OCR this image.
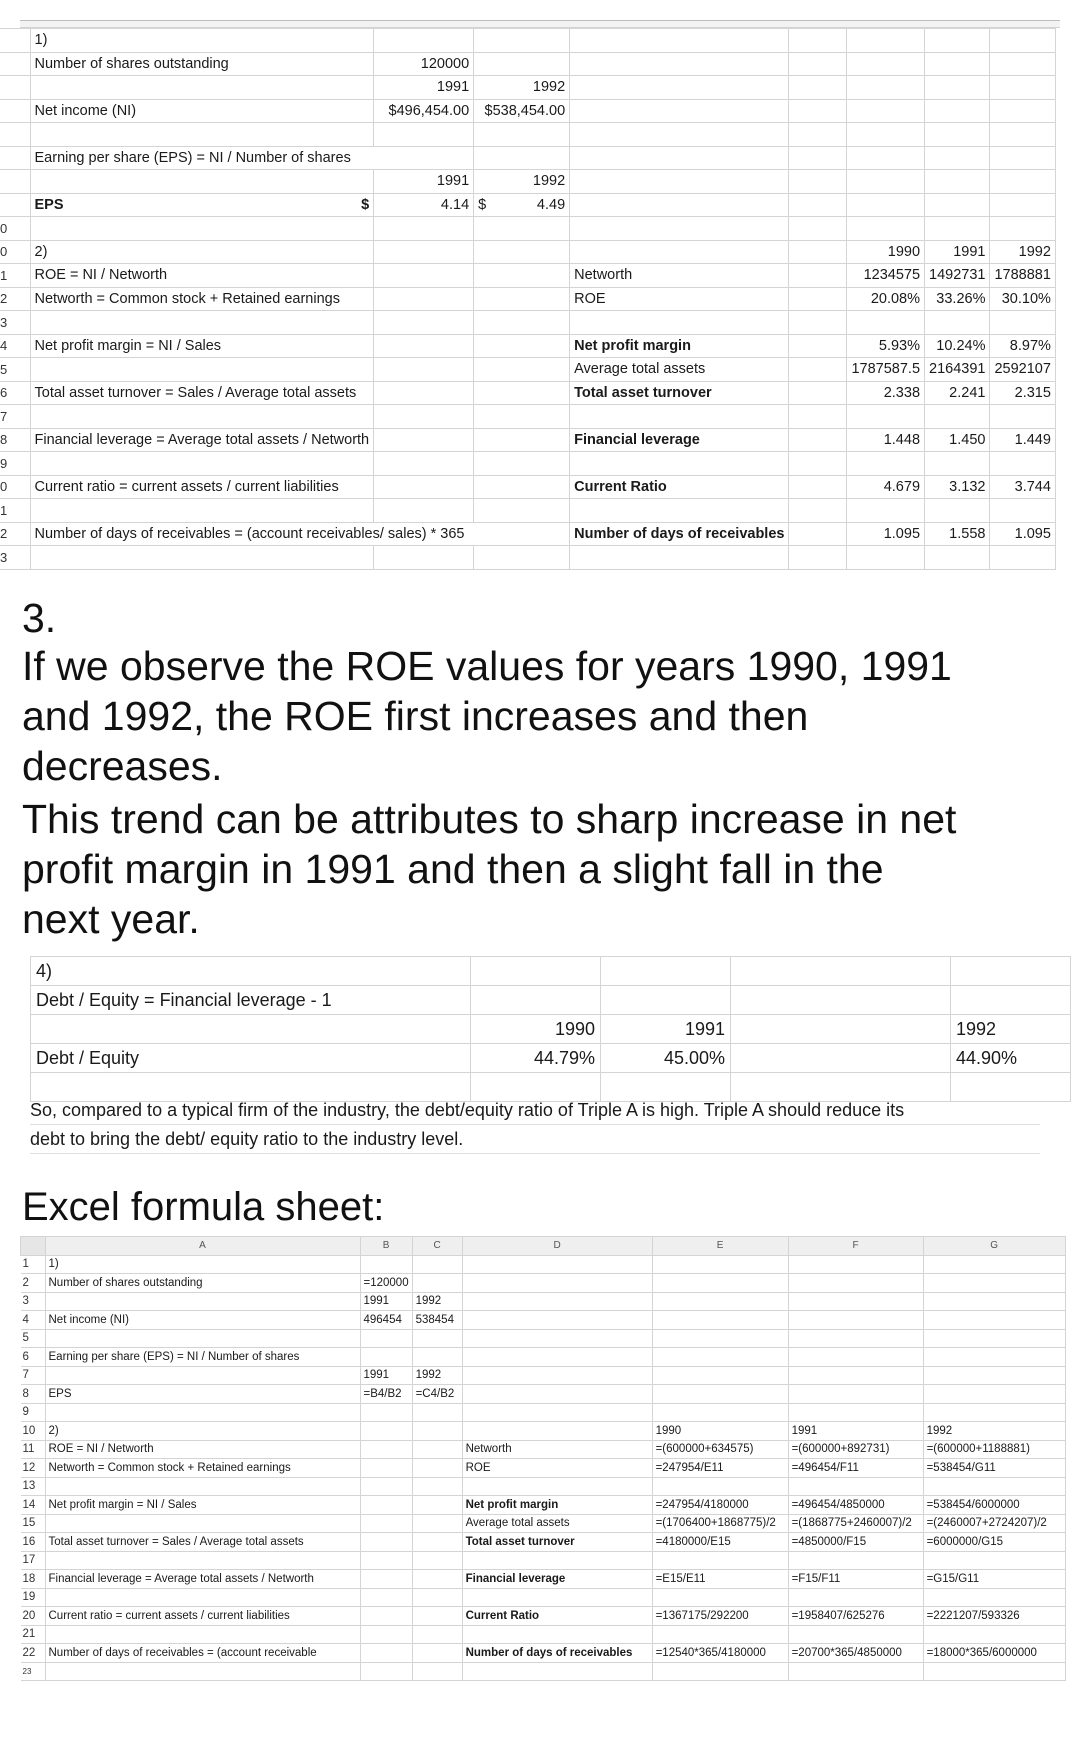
	1)							
	Number of shares outstanding	120000						
		1991	1992					
	Net income (NI)	$496,454.00	$538,454.00					

	Earning per share (EPS) = NI / Number of shares							
		1991	1992					
	EPS $	4.14	$ 4.49					

0								
0	2)					1990	1991	1992
1	ROE = NI / Networth			Networth		1234575	1492731	1788881
2	Networth = Common stock + Retained earnings			ROE		20.08%	33.26%	30.10%
3								
4	Net profit margin = NI / Sales			Net profit margin		5.93%	10.24%	8.97%
5				Average total assets		1787587.5	2164391	2592107
6	Total asset turnover = Sales / Average total assets			Total asset turnover		2.338	2.241	2.315
7								
8	Financial leverage = Average total assets / Networth			Financial leverage		1.448	1.450	1.449
9								
0	Current ratio = current assets / current liabilities			Current Ratio		4.679	3.132	3.744
1								
2	Number of days of receivables = (account receivables/ sales) * 365			Number of days of receivables		1.095	1.558	1.095
3								
3.
If we observe the ROE values for years 1990, 1991
and 1992, the ROE first increases and then
decreases.
This trend can be attributes to sharp increase in net
profit margin in 1991 and then a slight fall in the
next year.
4)				
Debt / Equity = Financial leverage - 1				
	1990	1991		1992
Debt / Equity	44.79%	45.00%		44.90%

So, compared to a typical firm of the industry, the debt/equity ratio of Triple A is high. Triple A should reduce its
debt to bring the debt/ equity ratio to the industry level.
Excel formula sheet:
	A	B	C	D	E	F	G
1	1)						
2	Number of shares outstanding	=120000					
3		1991	1992				
4	Net income (NI)	496454	538454				
5							
6	Earning per share (EPS) = NI / Number of shares						
7		1991	1992				
8	EPS	=B4/B2	=C4/B2				
9							
10	2)				1990	1991	1992
11	ROE = NI / Networth			Networth	=(600000+634575)	=(600000+892731)	=(600000+1188881)
12	Networth = Common stock + Retained earnings			ROE	=247954/E11	=496454/F11	=538454/G11
13							
14	Net profit margin = NI / Sales			Net profit margin	=247954/4180000	=496454/4850000	=538454/6000000
15				Average total assets	=(1706400+1868775)/2	=(1868775+2460007)/2	=(2460007+2724207)/2
16	Total asset turnover = Sales / Average total assets			Total asset turnover	=4180000/E15	=4850000/F15	=6000000/G15
17							
18	Financial leverage = Average total assets / Networth			Financial leverage	=E15/E11	=F15/F11	=G15/G11
19							
20	Current ratio = current assets / current liabilities			Current Ratio	=1367175/292200	=1958407/625276	=2221207/593326
21							
22	Number of days of receivables = (account receivable			Number of days of receivables	=12540*365/4180000	=20700*365/4850000	=18000*365/6000000
23							
